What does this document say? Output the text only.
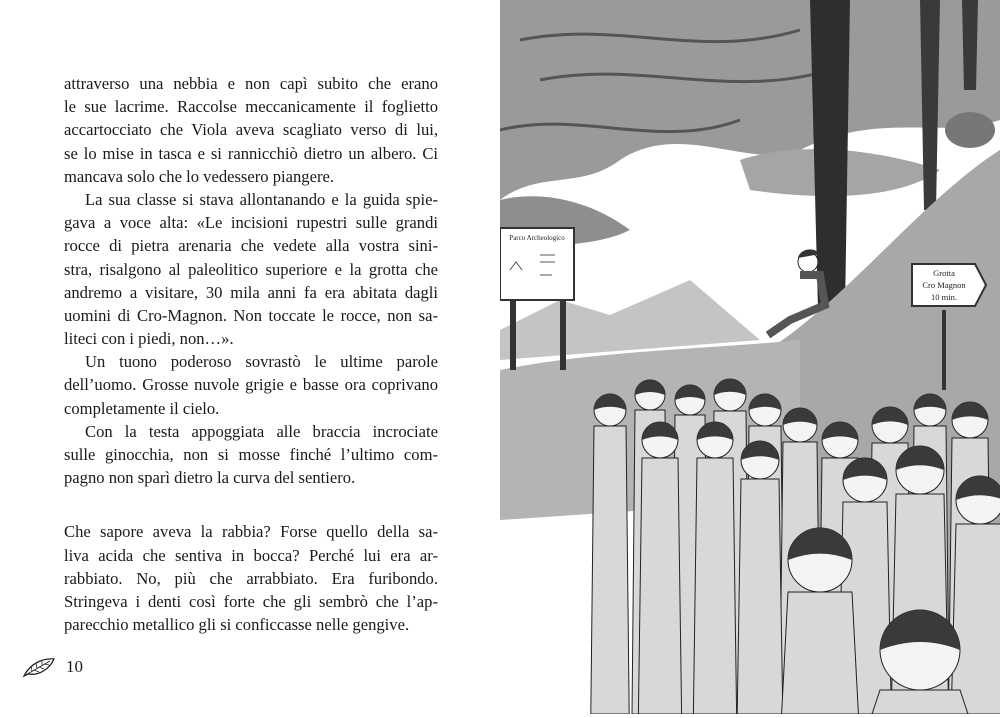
attraverso una nebbia e non capì subito che erano
le sue lacrime. Raccolse meccanicamente il foglietto
accartocciato che Viola aveva scagliato verso di lui,
se lo mise in tasca e si rannicchiò dietro un albero. Ci
mancava solo che lo vedessero piangere.
La sua classe si stava allontanando e la guida spie-
gava a voce alta: «Le incisioni rupestri sulle grandi
rocce di pietra arenaria che vedete alla vostra sini-
stra, risalgono al paleolitico superiore e la grotta che
andremo a visitare, 30 mila anni fa era abitata dagli
uomini di Cro-Magnon. Non toccate le rocce, non sa-
liteci con i piedi, non…».
Un tuono poderoso sovrastò le ultime parole
dell’uomo. Grosse nuvole grigie e basse ora coprivano
completamente il cielo.
Con la testa appoggiata alle braccia incrociate
sulle ginocchia, non si mosse finché l’ultimo com-
pagno non sparì dietro la curva del sentiero.
Che sapore aveva la rabbia? Forse quello della sa-
liva acida che sentiva in bocca? Perché lui era ar-
rabbiato. No, più che arrabbiato. Era furibondo.
Stringeva i denti così forte che gli sembrò che l’ap-
parecchio metallico gli si conficcasse nelle gengive.
10
Parco Archeologico
Grotta
Cro Magnon
10 min.
